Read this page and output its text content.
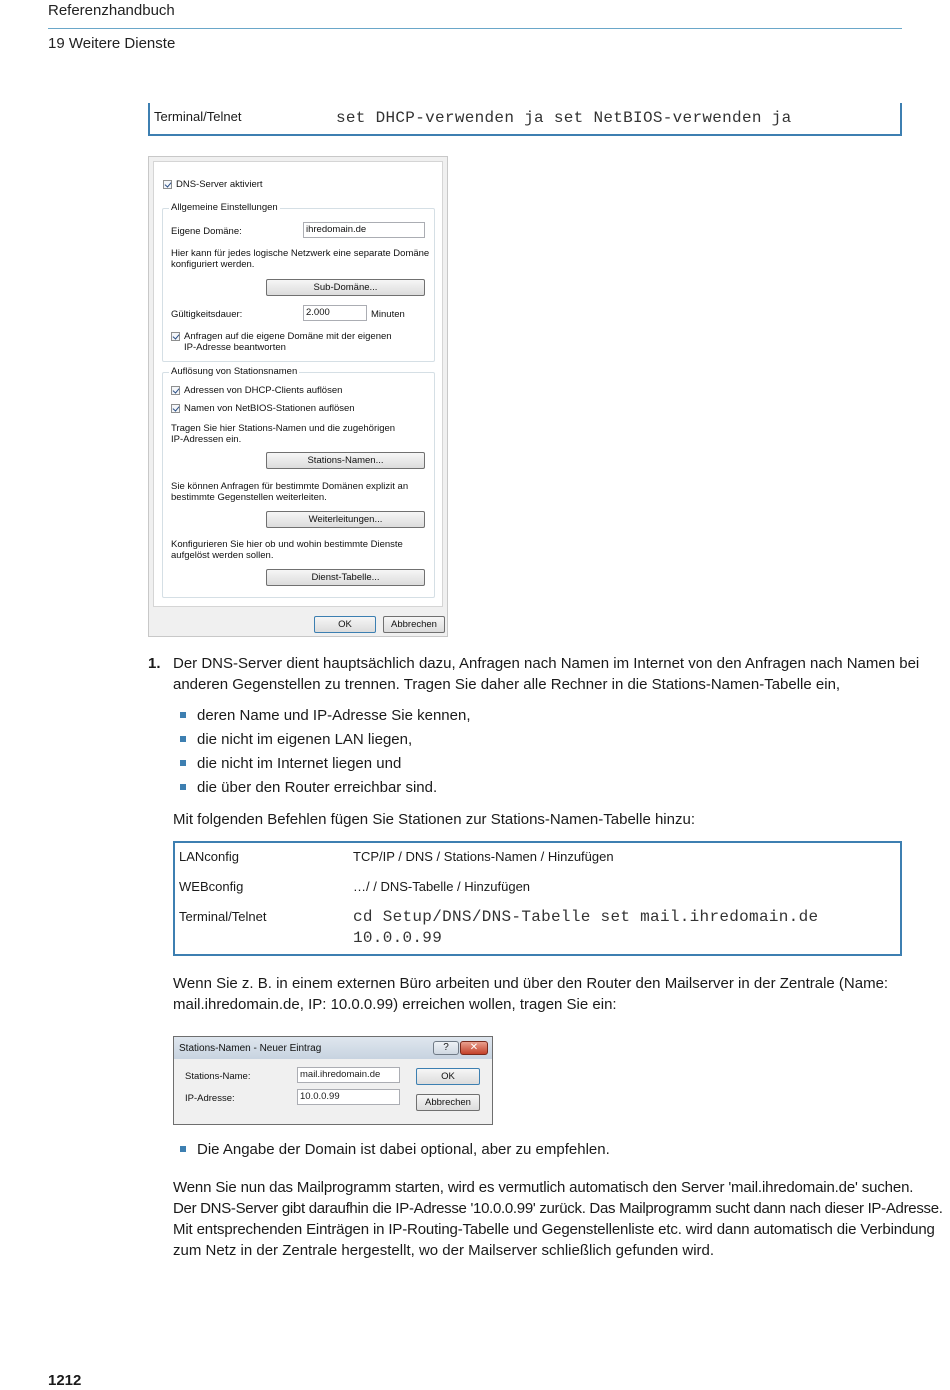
Referenzhandbuch
19 Weitere Dienste
Terminal/Telnet	set DHCP-verwenden ja set NetBIOS-verwenden ja
DNS-Server aktiviert
Allgemeine Einstellungen
Eigene Domäne:	ihredomain.de
Hier kann für jedes logische Netzwerk eine separate Domäne
konfiguriert werden.
Sub-Domäne...
Gültigkeitsdauer:	2.000	Minuten
Anfragen auf die eigene Domäne mit der eigenen
IP-Adresse beantworten
Auflösung von Stationsnamen
Adressen von DHCP-Clients auflösen
Namen von NetBIOS-Stationen auflösen
Tragen Sie hier Stations-Namen und die zugehörigen
IP-Adressen ein.
Stations-Namen...
Sie können Anfragen für bestimmte Domänen explizit an
bestimmte Gegenstellen weiterleiten.
Weiterleitungen...
Konfigurieren Sie hier ob und wohin bestimmte Dienste
aufgelöst werden sollen.
Dienst-Tabelle...
OK	Abbrechen
1. Der DNS-Server dient hauptsächlich dazu, Anfragen nach Namen im Internet von den Anfragen nach Namen bei
anderen Gegenstellen zu trennen. Tragen Sie daher alle Rechner in die Stations-Namen-Tabelle ein,
deren Name und IP-Adresse Sie kennen,
die nicht im eigenen LAN liegen,
die nicht im Internet liegen und
die über den Router erreichbar sind.
Mit folgenden Befehlen fügen Sie Stationen zur Stations-Namen-Tabelle hinzu:
LANconfig	TCP/IP / DNS / Stations-Namen / Hinzufügen
WEBconfig	…/ / DNS-Tabelle / Hinzufügen
Terminal/Telnet	cd Setup/DNS/DNS-Tabelle set mail.ihredomain.de
10.0.0.99
Wenn Sie z. B. in einem externen Büro arbeiten und über den Router den Mailserver in der Zentrale (Name:
mail.ihredomain.de, IP: 10.0.0.99) erreichen wollen, tragen Sie ein:
Stations-Namen - Neuer Eintrag	?	✕
Stations-Name:	mail.ihredomain.de
IP-Adresse:	10.0.0.99
OK
Abbrechen
Die Angabe der Domain ist dabei optional, aber zu empfehlen.
Wenn Sie nun das Mailprogramm starten, wird es vermutlich automatisch den Server 'mail.ihredomain.de' suchen.
Der DNS-Server gibt daraufhin die IP-Adresse '10.0.0.99' zurück. Das Mailprogramm sucht dann nach dieser IP-Adresse.
Mit entsprechenden Einträgen in IP-Routing-Tabelle und Gegenstellenliste etc. wird dann automatisch die Verbindung
zum Netz in der Zentrale hergestellt, wo der Mailserver schließlich gefunden wird.
1212
